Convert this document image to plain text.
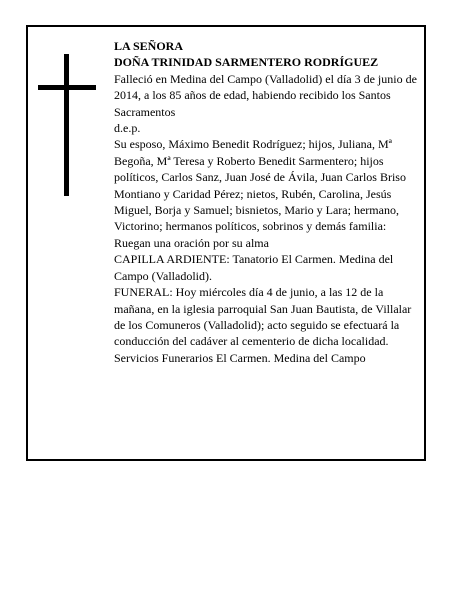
LA SEÑORA

DOÑA TRINIDAD SARMENTERO RODRÍGUEZ

Falleció en Medina del Campo (Valladolid) el día 3 de junio de 2014, a los 85 años de edad, habiendo recibido los Santos Sacramentos

d.e.p.

Su esposo, Máximo Benedit Rodríguez; hijos, Juliana, Mª Begoña, Mª Teresa y Roberto Benedit Sarmentero; hijos políticos, Carlos Sanz, Juan José de Ávila, Juan Carlos Briso Montiano y Caridad Pérez; nietos, Rubén, Carolina, Jesús Miguel, Borja y Samuel; bisnietos, Mario y Lara; hermano, Victorino; hermanos políticos, sobrinos y demás familia:

Ruegan una oración por su alma

CAPILLA ARDIENTE: Tanatorio El Carmen. Medina del Campo (Valladolid).

FUNERAL: Hoy miércoles día 4 de junio, a las 12 de la mañana, en la iglesia parroquial San Juan Bautista, de Villalar de los Comuneros (Valladolid); acto seguido se efectuará la conducción del cadáver al cementerio de dicha localidad.

Servicios Funerarios El Carmen. Medina del Campo
